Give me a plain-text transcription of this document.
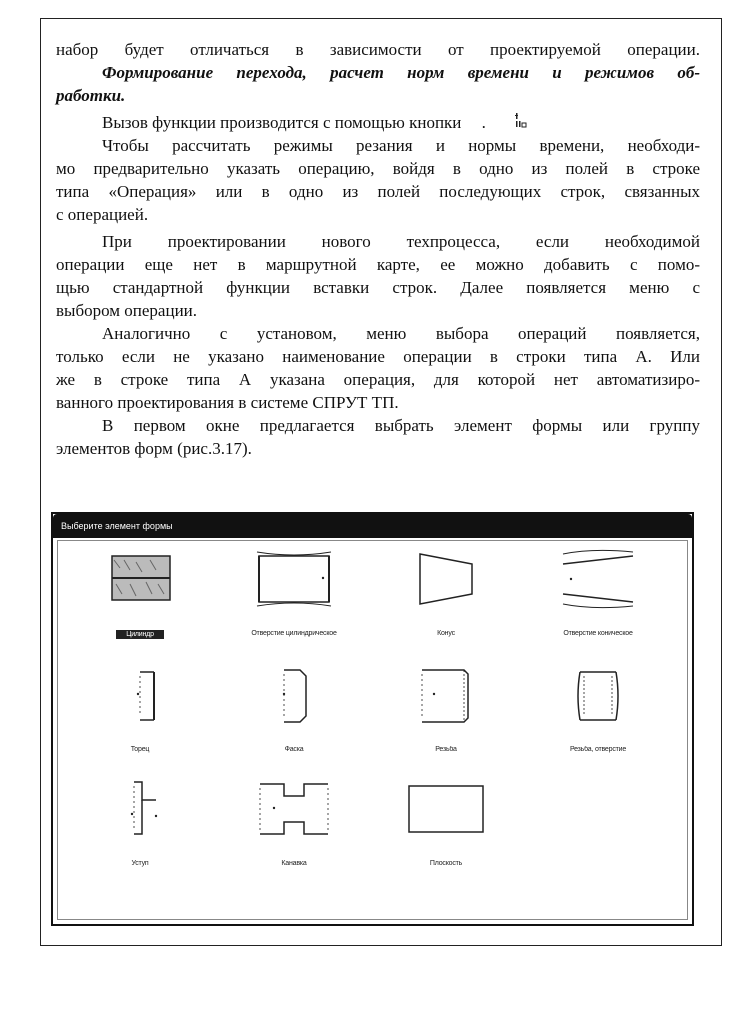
набор будет отличаться в зависимости от проектируемой операции.

Формирование перехода, расчет норм времени и режимов об-
работки.

Вызов функции производится с помощью кнопки .

Чтобы рассчитать режимы резания и нормы времени, необходи-
мо предварительно указать операцию, войдя в одно из полей в строке
типа «Операция» или в одно из полей последующих строк, связанных
с операцией.

При проектировании нового техпроцесса, если необходимой
операции еще нет в маршрутной карте, ее можно добавить с помо-
щью стандартной функции вставки строк. Далее появляется меню с
выбором операции.

Аналогично с установом, меню выбора операций появляется,
только если не указано наименование операции в строки типа А. Или
же в строке типа А указана операция, для которой нет автоматизиро-
ванного проектирования в системе СПРУТ ТП.

В первом окне предлагается выбрать элемент формы или группу
элементов форм (рис.3.17).

Выберите элемент формы
Цилиндр	Отверстие цилиндрическое	Конус	Отверстие коническое
Торец	Фаска	Резьба	Резьба, отверстие
Уступ	Канавка	Плоскость
